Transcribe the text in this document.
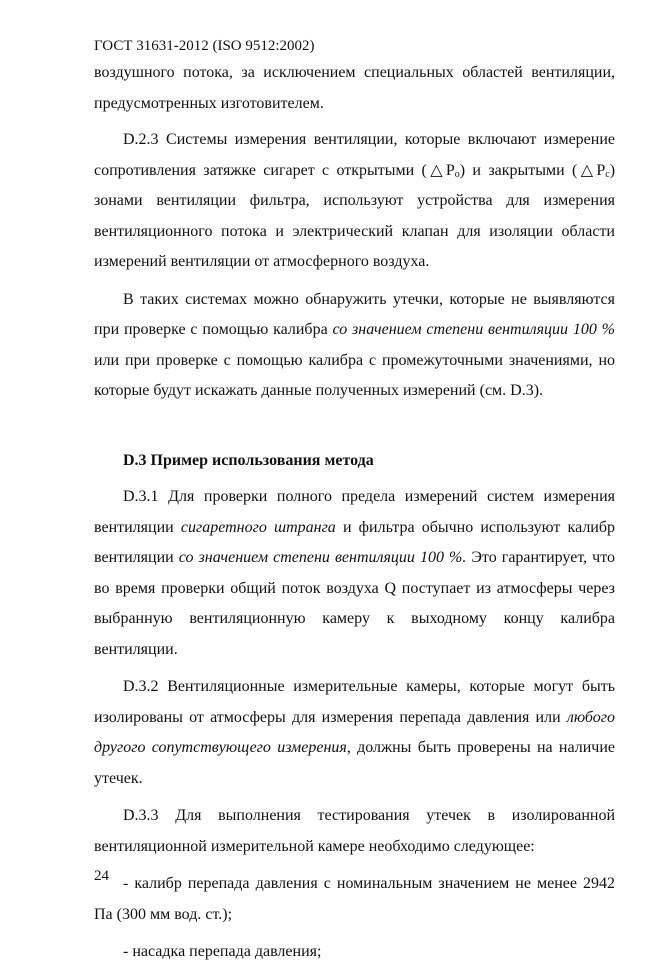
ГОСТ 31631-2012 (ISO 9512:2002)

воздушного потока, за исключением специальных областей вентиляции, предусмотренных изготовителем.

D.2.3 Системы измерения вентиляции, которые включают измерение сопротивления затяжке сигарет с открытыми $(\triangle P_o)$ и закрытыми $(\triangle P_c)$ зонами вентиляции фильтра, используют устройства для измерения вентиляционного потока и электрический клапан для изоляции области измерений вентиляции от атмосферного воздуха.

В таких системах можно обнаружить утечки, которые не выявляются при проверке с помощью калибра со значением степени вентиляции 100 % или при проверке с помощью калибра с промежуточными значениями, но которые будут искажать данные полученных измерений (см. D.3).

D.3 Пример использования метода

D.3.1 Для проверки полного предела измерений систем измерения вентиляции сигаретного штранга и фильтра обычно используют калибр вентиляции со значением степени вентиляции 100 %. Это гарантирует, что во время проверки общий поток воздуха Q поступает из атмосферы через выбранную вентиляционную камеру к выходному концу калибра вентиляции.

D.3.2 Вентиляционные измерительные камеры, которые могут быть изолированы от атмосферы для измерения перепада давления или любого другого сопутствующего измерения, должны быть проверены на наличие утечек.

D.3.3 Для выполнения тестирования утечек в изолированной вентиляционной измерительной камере необходимо следующее:

- калибр перепада давления с номинальным значением не менее 2942 Па (300 мм вод. ст.);

- насадка перепада давления;

24
